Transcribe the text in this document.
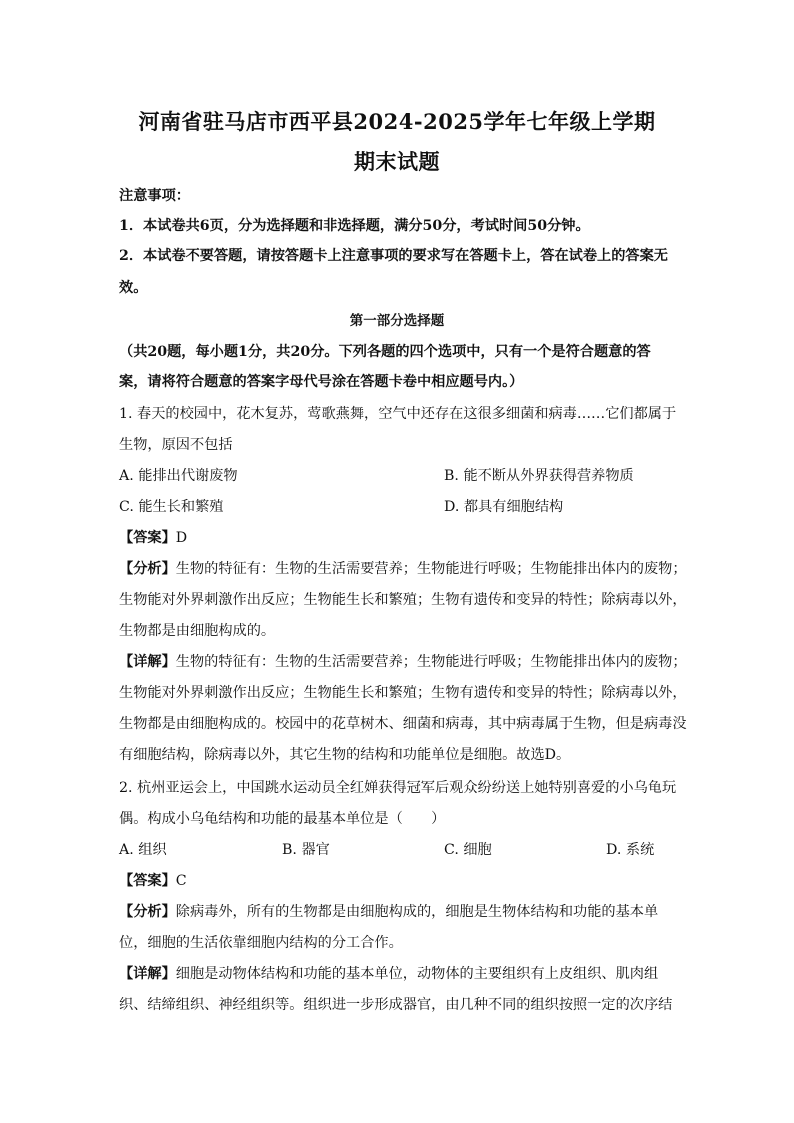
河南省驻马店市西平县2024-2025学年七年级上学期
期末试题
注意事项：
1．本试卷共6页，分为选择题和非选择题，满分50分，考试时间50分钟。
2．本试卷不要答题，请按答题卡上注意事项的要求写在答题卡上，答在试卷上的答案无
效。
第一部分选择题
（共20题，每小题1分，共20分。下列各题的四个选项中，只有一个是符合题意的答
案，请将符合题意的答案字母代号涂在答题卡卷中相应题号内。）
1. 春天的校园中，花木复苏，莺歌燕舞，空气中还存在这很多细菌和病毒……它们都属于
生物，原因不包括
A. 能排出代谢废物	B. 能不断从外界获得营养物质
C. 能生长和繁殖	D. 都具有细胞结构
【答案】D
【分析】生物的特征有：生物的生活需要营养；生物能进行呼吸；生物能排出体内的废物；
生物能对外界刺激作出反应；生物能生长和繁殖；生物有遗传和变异的特性；除病毒以外，
生物都是由细胞构成的。
【详解】生物的特征有：生物的生活需要营养；生物能进行呼吸；生物能排出体内的废物；
生物能对外界刺激作出反应；生物能生长和繁殖；生物有遗传和变异的特性；除病毒以外，
生物都是由细胞构成的。校园中的花草树木、细菌和病毒，其中病毒属于生物，但是病毒没
有细胞结构，除病毒以外，其它生物的结构和功能单位是细胞。故选D。
2. 杭州亚运会上，中国跳水运动员全红婵获得冠军后观众纷纷送上她特别喜爱的小乌龟玩
偶。构成小乌龟结构和功能的最基本单位是（　　）
A. 组织	B. 器官	C. 细胞	D. 系统
【答案】C
【分析】除病毒外，所有的生物都是由细胞构成的，细胞是生物体结构和功能的基本单
位，细胞的生活依靠细胞内结构的分工合作。
【详解】细胞是动物体结构和功能的基本单位，动物体的主要组织有上皮组织、肌肉组
织、结缔组织、神经组织等。组织进一步形成器官，由几种不同的组织按照一定的次序结
